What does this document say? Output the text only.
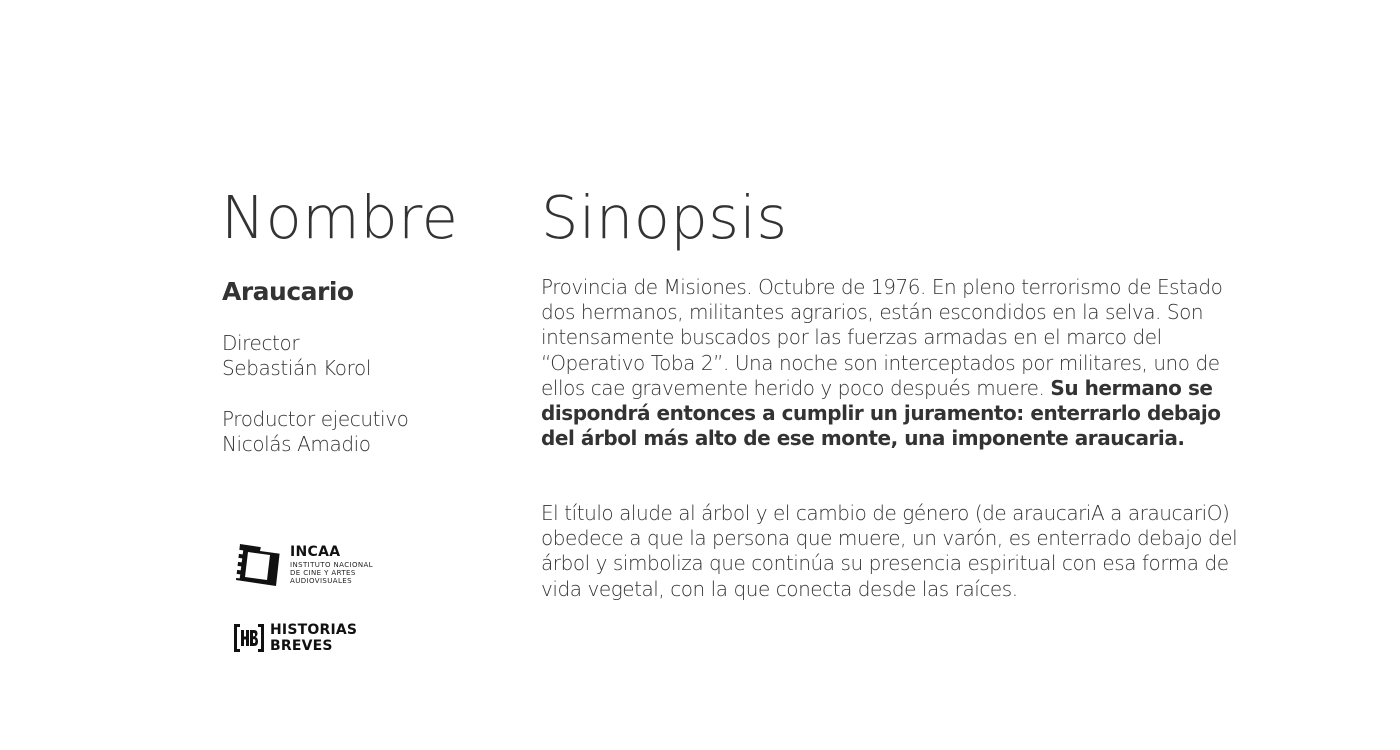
Nombre Sinopsis
Araucario

Director
Sebastián Korol

Productor ejecutivo
Nicolás Amadio

Provincia de Misiones. Octubre de 1976. En pleno terrorismo de Estado dos hermanos, militantes agrarios, están escondidos en la selva. Son intensamente buscados por las fuerzas armadas en el marco del “Operativo Toba 2”. Una noche son interceptados por militares, uno de ellos cae gravemente herido y poco después muere. Su hermano se dispondrá entonces a cumplir un juramento: enterrarlo debajo del árbol más alto de ese monte, una imponente araucaria.

El título alude al árbol y el cambio de género (de araucariA a araucariO) obedece a que la persona que muere, un varón, es enterrado debajo del árbol y simboliza que continúa su presencia espiritual con esa forma de vida vegetal, con la que conecta desde las raíces.

INCAA
INSTITUTO NACIONAL
DE CINE Y ARTES
AUDIOVISUALES
HISTORIAS
BREVES
